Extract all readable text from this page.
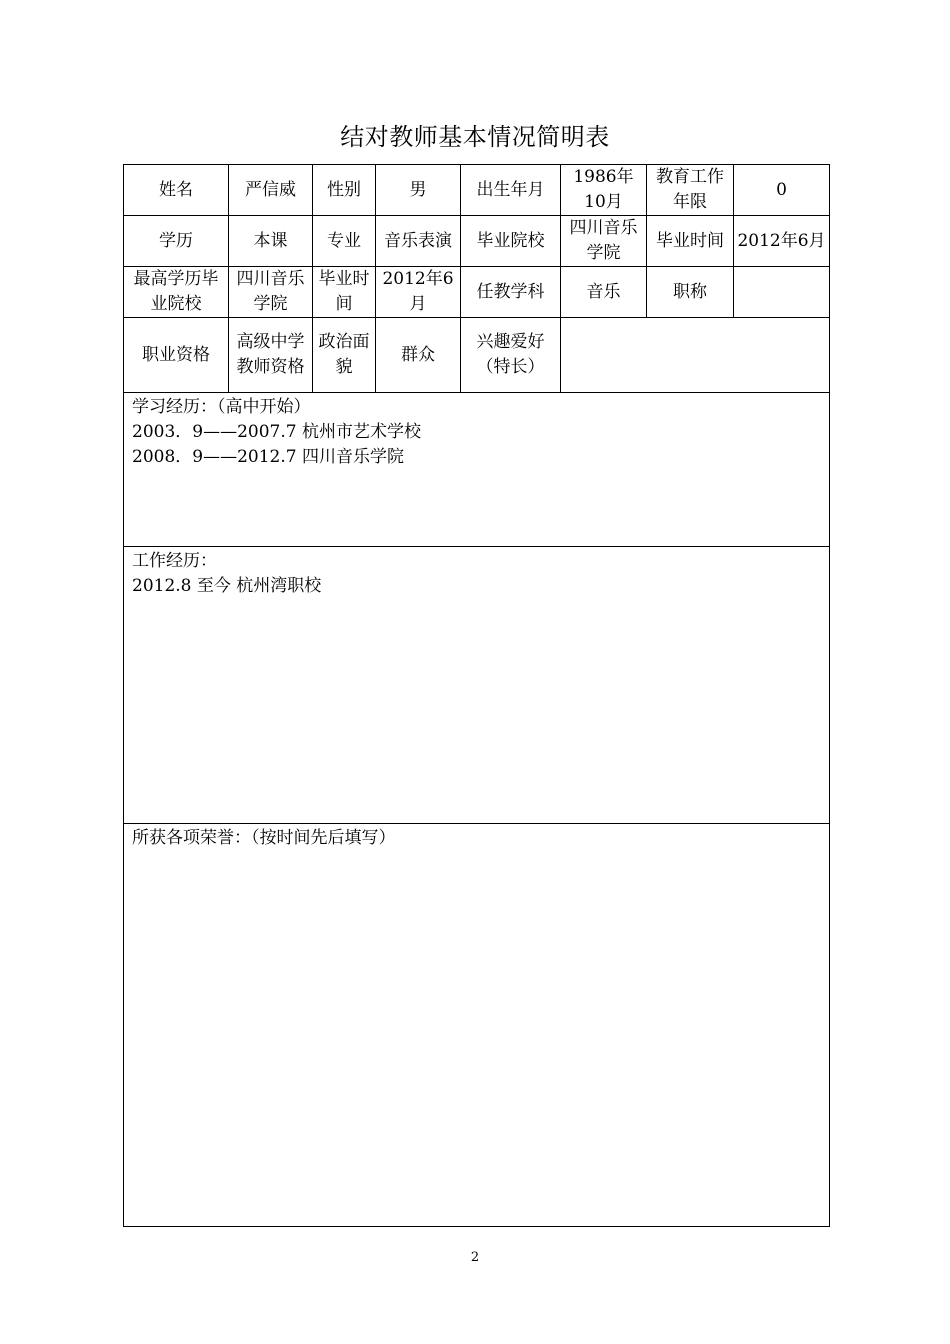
结对教师基本情况简明表
姓名	严信威	性别	男	出生年月	1986年10月	教育工作年限	0
学历	本课	专业	音乐表演	毕业院校	四川音乐学院	毕业时间	2012年6月
最高学历毕业院校	四川音乐学院	毕业时间	2012年6月	任教学科	音乐	职称	
职业资格	高级中学教师资格	政治面貌	群众	兴趣爱好（特长）			

学习经历：（高中开始）
2003．9——2007.7 杭州市艺术学校
2008．9——2012.7 四川音乐学院							

工作经历：
2012.8 至今 杭州湾职校							

所获各项荣誉：（按时间先后填写）							
2
